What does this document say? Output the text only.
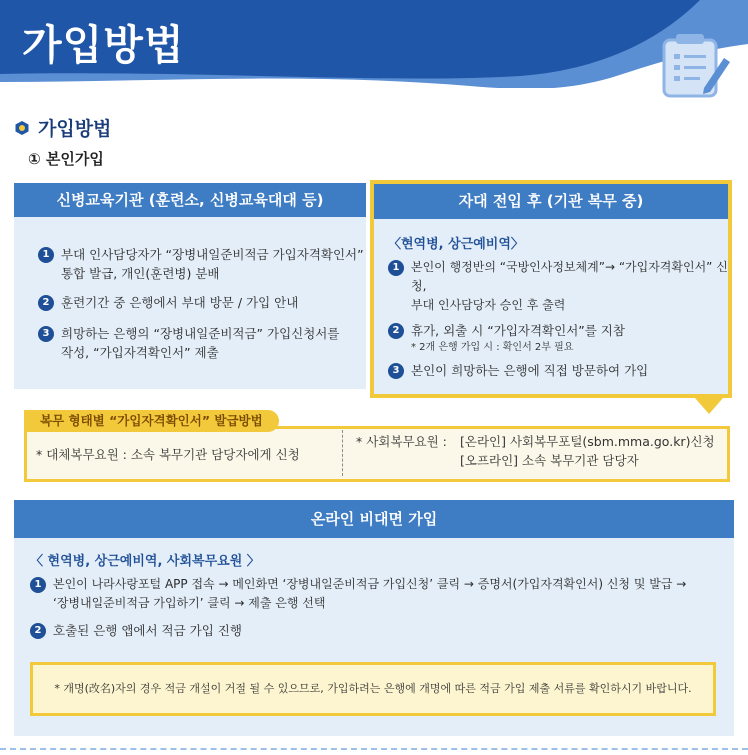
가입방법
가입방법
① 본인가입
신병교육기관 (훈련소, 신병교육대대 등)
1 부대 인사담당자가 “장병내일준비적금 가입자격확인서”
통합 발급, 개인(훈련병) 분배
2 훈련기간 중 은행에서 부대 방문 / 가입 안내
3 희망하는 은행의 “장병내일준비적금” 가입신청서를
작성, “가입자격확인서” 제출
자대 전입 후 (기관 복무 중)
〈현역병, 상근예비역〉
1 본인이 행정반의 “국방인사정보체계”→ “가입자격확인서” 신청,
부대 인사담당자 승인 후 출력
2 휴가, 외출 시 “가입자격확인서”를 지참
* 2개 은행 가입 시 : 확인서 2부 필요
3 본인이 희망하는 은행에 직접 방문하여 가입
복무 형태별 “가입자격확인서” 발급방법
* 대체복무요원 : 소속 복무기관 담당자에게 신청
* 사회복무요원 : [온라인] 사회복무포털(sbm.mma.go.kr)신청
[오프라인] 소속 복무기관 담당자
온라인 비대면 가입
〈 현역병, 상근예비역, 사회복무요원 〉
1 본인이 나라사랑포털 APP 접속 → 메인화면 ‘장병내일준비적금 가입신청’ 클릭 → 증명서(가입자격확인서) 신청 및 발급 →
‘장병내일준비적금 가입하기’ 클릭 → 제출 은행 선택
2 호출된 은행 앱에서 적금 가입 진행
* 개명(改名)자의 경우 적금 개설이 거절 될 수 있으므로, 가입하려는 은행에 개명에 따른 적금 가입 제출 서류를 확인하시기 바랍니다.
